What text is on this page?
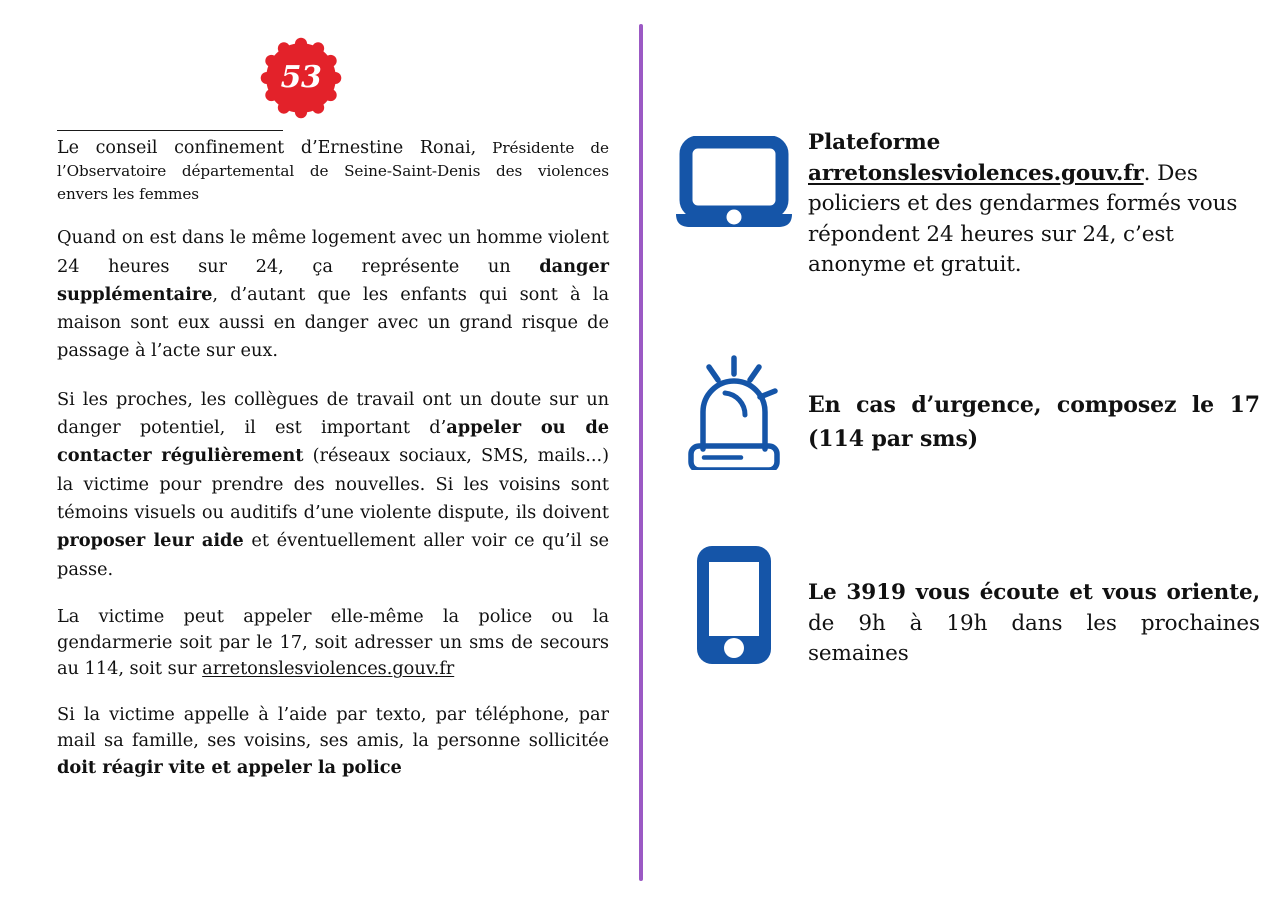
53

Le conseil confinement d’Ernestine Ronai, Présidente de l’Observatoire départemental de Seine-Saint-Denis des violences envers les femmes

Quand on est dans le même logement avec un homme violent 24 heures sur 24, ça représente un danger supplémentaire, d’autant que les enfants qui sont à la maison sont eux aussi en danger avec un grand risque de passage à l’acte sur eux.

Si les proches, les collègues de travail ont un doute sur un danger potentiel, il est important d’appeler ou de contacter régulièrement (réseaux sociaux, SMS, mails...) la victime pour prendre des nouvelles. Si les voisins sont témoins visuels ou auditifs d’une violente dispute, ils doivent proposer leur aide et éventuellement aller voir ce qu’il se passe.

La victime peut appeler elle-même la police ou la gendarmerie soit par le 17, soit adresser un sms de secours au 114, soit sur arretonslesviolences.gouv.fr

Si la victime appelle à l’aide par texto, par téléphone, par mail sa famille, ses voisins, ses amis, la personne sollicitée doit réagir vite et appeler la police

Plateforme arretonslesviolences.gouv.fr. Des policiers et des gendarmes formés vous répondent 24 heures sur 24, c’est anonyme et gratuit.
En cas d’urgence, composez le 17 (114 par sms)
Le 3919 vous écoute et vous oriente, de 9h à 19h dans les prochaines semaines
